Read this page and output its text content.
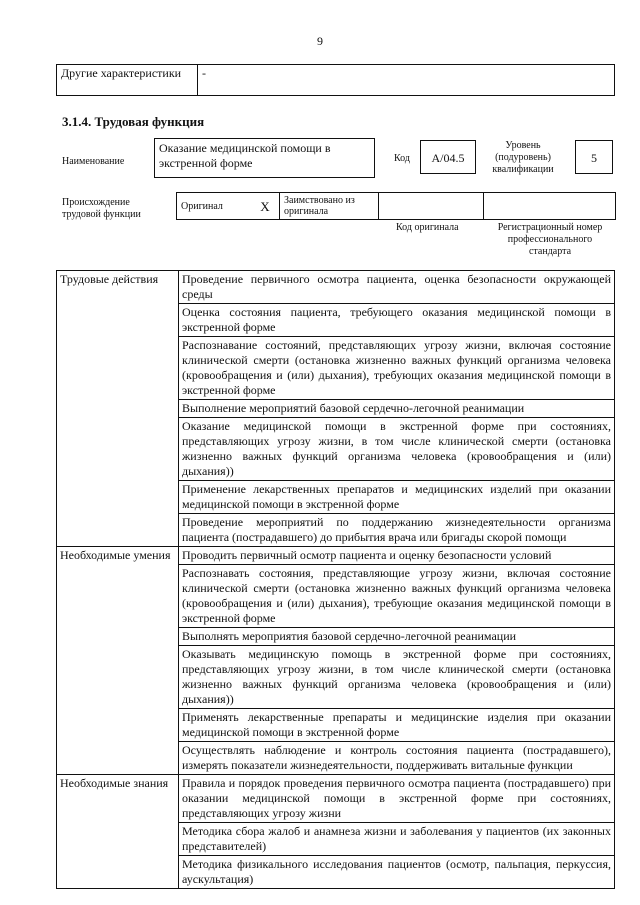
9
Другие характеристики	-
3.1.4. Трудовая функция
Наименование
Оказание медицинской помощи в экстренной форме	Код	A/04.5
Уровень (подуровень) квалификации
5
Происхождение трудовой функции
Оригинал	X	Заимствовано из оригинала		
Код оригинала	Регистрационный номер профессионального стандарта
Трудовые действия	Проведение первичного осмотра пациента, оценка безопасности окружающей среды
	Оценка состояния пациента, требующего оказания медицинской помощи в экстренной форме
	Распознавание состояний, представляющих угрозу жизни, включая состояние клинической смерти (остановка жизненно важных функций организма человека (кровообращения и (или) дыхания), требующих оказания медицинской помощи в экстренной форме
	Выполнение мероприятий базовой сердечно-легочной реанимации
	Оказание медицинской помощи в экстренной форме при состояниях, представляющих угрозу жизни, в том числе клинической смерти (остановка жизненно важных функций организма человека (кровообращения и (или) дыхания))
	Применение лекарственных препаратов и медицинских изделий при оказании медицинской помощи в экстренной форме
	Проведение мероприятий по поддержанию жизнедеятельности организма пациента (пострадавшего) до прибытия врача или бригады скорой помощи
Необходимые умения	Проводить первичный осмотр пациента и оценку безопасности условий
	Распознавать состояния, представляющие угрозу жизни, включая состояние клинической смерти (остановка жизненно важных функций организма человека (кровообращения и (или) дыхания), требующие оказания медицинской помощи в экстренной форме
	Выполнять мероприятия базовой сердечно-легочной реанимации
	Оказывать медицинскую помощь в экстренной форме при состояниях, представляющих угрозу жизни, в том числе клинической смерти (остановка жизненно важных функций организма человека (кровообращения и (или) дыхания))
	Применять лекарственные препараты и медицинские изделия при оказании медицинской помощи в экстренной форме
	Осуществлять наблюдение и контроль состояния пациента (пострадавшего), измерять показатели жизнедеятельности, поддерживать витальные функции
Необходимые знания	Правила и порядок проведения первичного осмотра пациента (пострадавшего) при оказании медицинской помощи в экстренной форме при состояниях, представляющих угрозу жизни
	Методика сбора жалоб и анамнеза жизни и заболевания у пациентов (их законных представителей)
	Методика физикального исследования пациентов (осмотр, пальпация, перкуссия, аускультация)
